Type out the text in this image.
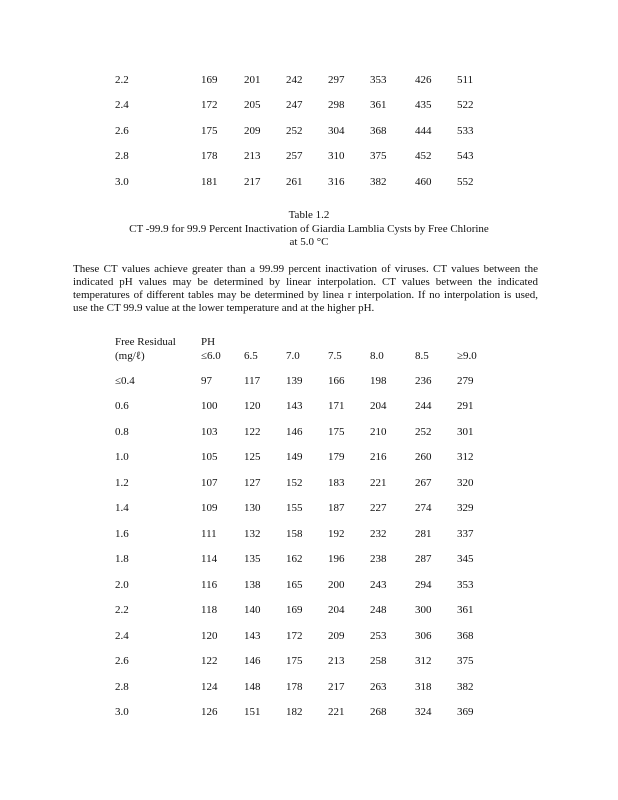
2.2	169	201	242	297	353	426	511
2.4	172	205	247	298	361	435	522
2.6	175	209	252	304	368	444	533
2.8	178	213	257	310	375	452	543
3.0	181	217	261	316	382	460	552
Table 1.2
CT -99.9 for 99.9 Percent Inactivation of Giardia Lamblia Cysts by Free Chlorine
at 5.0 °C
These CT values achieve greater than a 99.99 percent inactivation of viruses. CT values between the indicated pH values may be determined by linear interpolation. CT values between the indicated temperatures of different tables may be determined by linea r interpolation. If no interpolation is used, use the CT 99.9 value at the lower temperature and at the higher pH.
Free Residual
(mg/ℓ)
PH
≤6.0 6.5	7.0	7.5	8.0	8.5	≥9.0
≤0.4	97	117	139	166	198	236	279
0.6	100	120	143	171	204	244	291
0.8	103	122	146	175	210	252	301
1.0	105	125	149	179	216	260	312
1.2	107	127	152	183	221	267	320
1.4	109	130	155	187	227	274	329
1.6	111	132	158	192	232	281	337
1.8	114	135	162	196	238	287	345
2.0	116	138	165	200	243	294	353
2.2	118	140	169	204	248	300	361
2.4	120	143	172	209	253	306	368
2.6	122	146	175	213	258	312	375
2.8	124	148	178	217	263	318	382
3.0	126	151	182	221	268	324	369
